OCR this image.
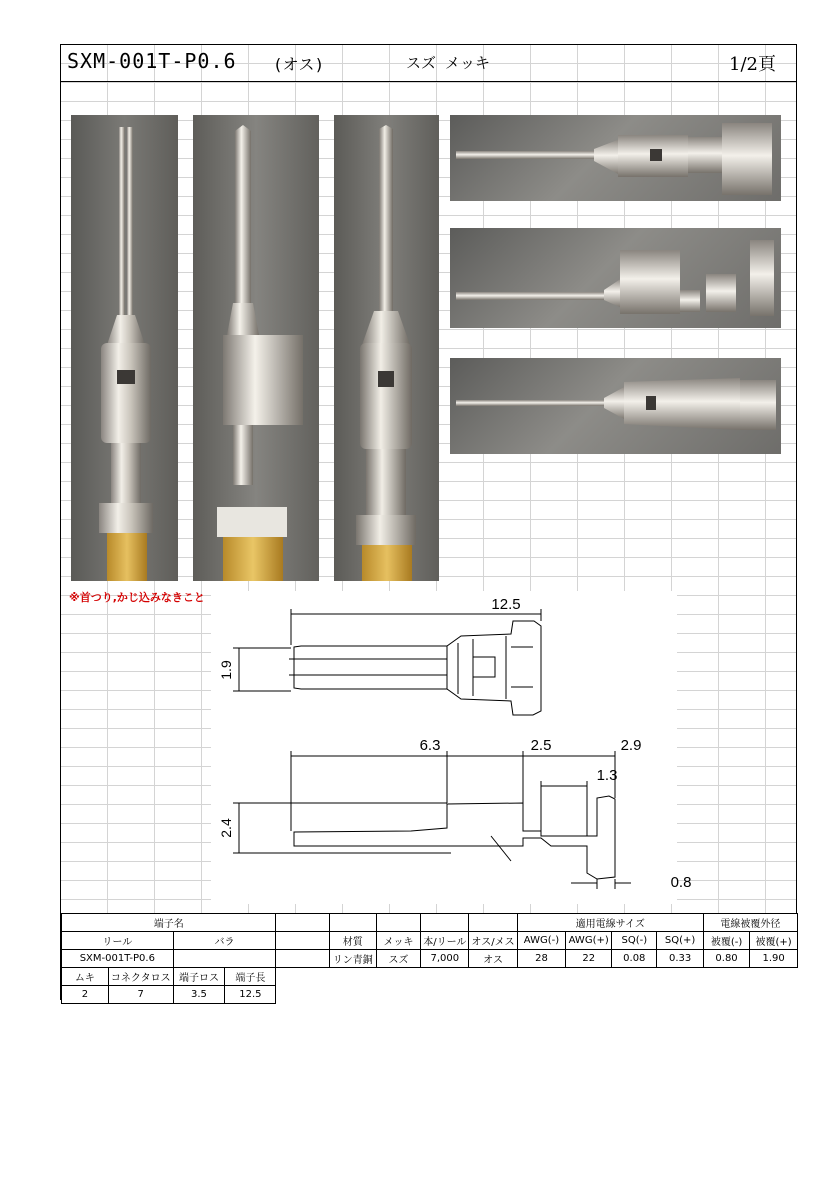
SXM-001T-P0.6 (オス)	スズ メッキ	1/2頁
※首つり,かじ込みなきこと	12.5
1.9
6.3	2.5	2.9
1.3
2.4
0.8
端子名									適用電線サイズ				電線被覆外径	
リール		バラ			材質	メッキ	本/リール	オス/メス	AWG(-)	AWG(+)	SQ(-)	SQ(+)	被覆(-)	被覆(+)
SXM-001T-P0.6					リン青銅	スズ	7,000	オス	28	22	0.08	0.33	0.80	1.90
ムキ	コネクタロス	端子ロス	端子長											
2	7	3.5	12.5											
